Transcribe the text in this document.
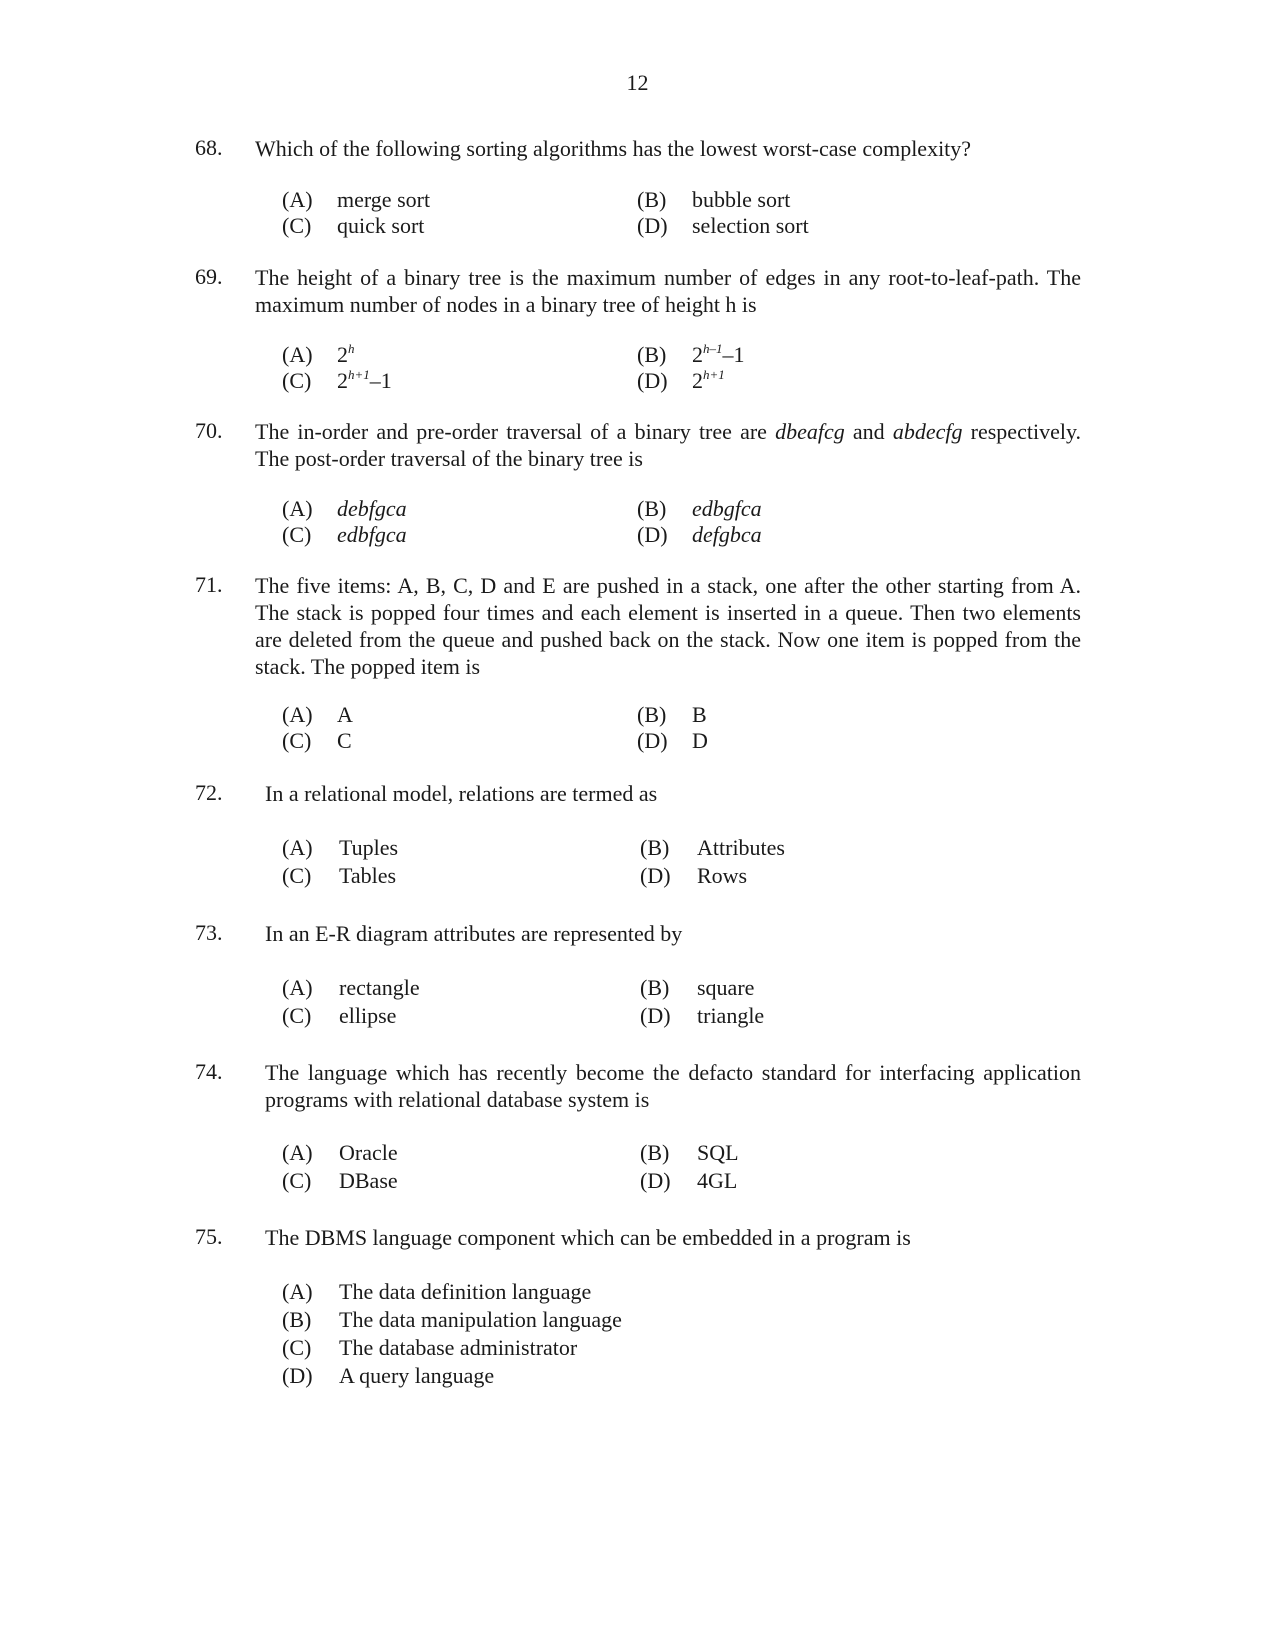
12
68. Which of the following sorting algorithms has the lowest worst-case complexity?
(A) merge sort	(B) bubble sort
(C) quick sort	(D) selection sort
69. The height of a binary tree is the maximum number of edges in any root-to-leaf-path. The maximum number of nodes in a binary tree of height h is
(A) 2$^h$	(B) 2$^{h-1}$–1
(C) $2^{h+1}-1$	(D) $2^{h+1}$
70. The in-order and pre-order traversal of a binary tree are dbeafcg and abdecfg respectively. The post-order traversal of the binary tree is
(A) debfgca	(B) edbgfca
(C) edbfgca	(D) defgbca
71. The five items: A, B, C, D and E are pushed in a stack, one after the other starting from A. The stack is popped four times and each element is inserted in a queue. Then two elements are deleted from the queue and pushed back on the stack. Now one item is popped from the stack. The popped item is
(A) A	(B) B
(C) C	(D) D
72. In a relational model, relations are termed as
(A) Tuples	(B) Attributes
(C) Tables	(D) Rows
73. In an E-R diagram attributes are represented by
(A) rectangle	(B) square
(C) ellipse	(D) triangle
74. The language which has recently become the defacto standard for interfacing application programs with relational database system is
(A) Oracle	(B) SQL
(C) DBase	(D) 4GL
75. The DBMS language component which can be embedded in a program is
(A) The data definition language
(B) The data manipulation language
(C) The database administrator
(D) A query language
